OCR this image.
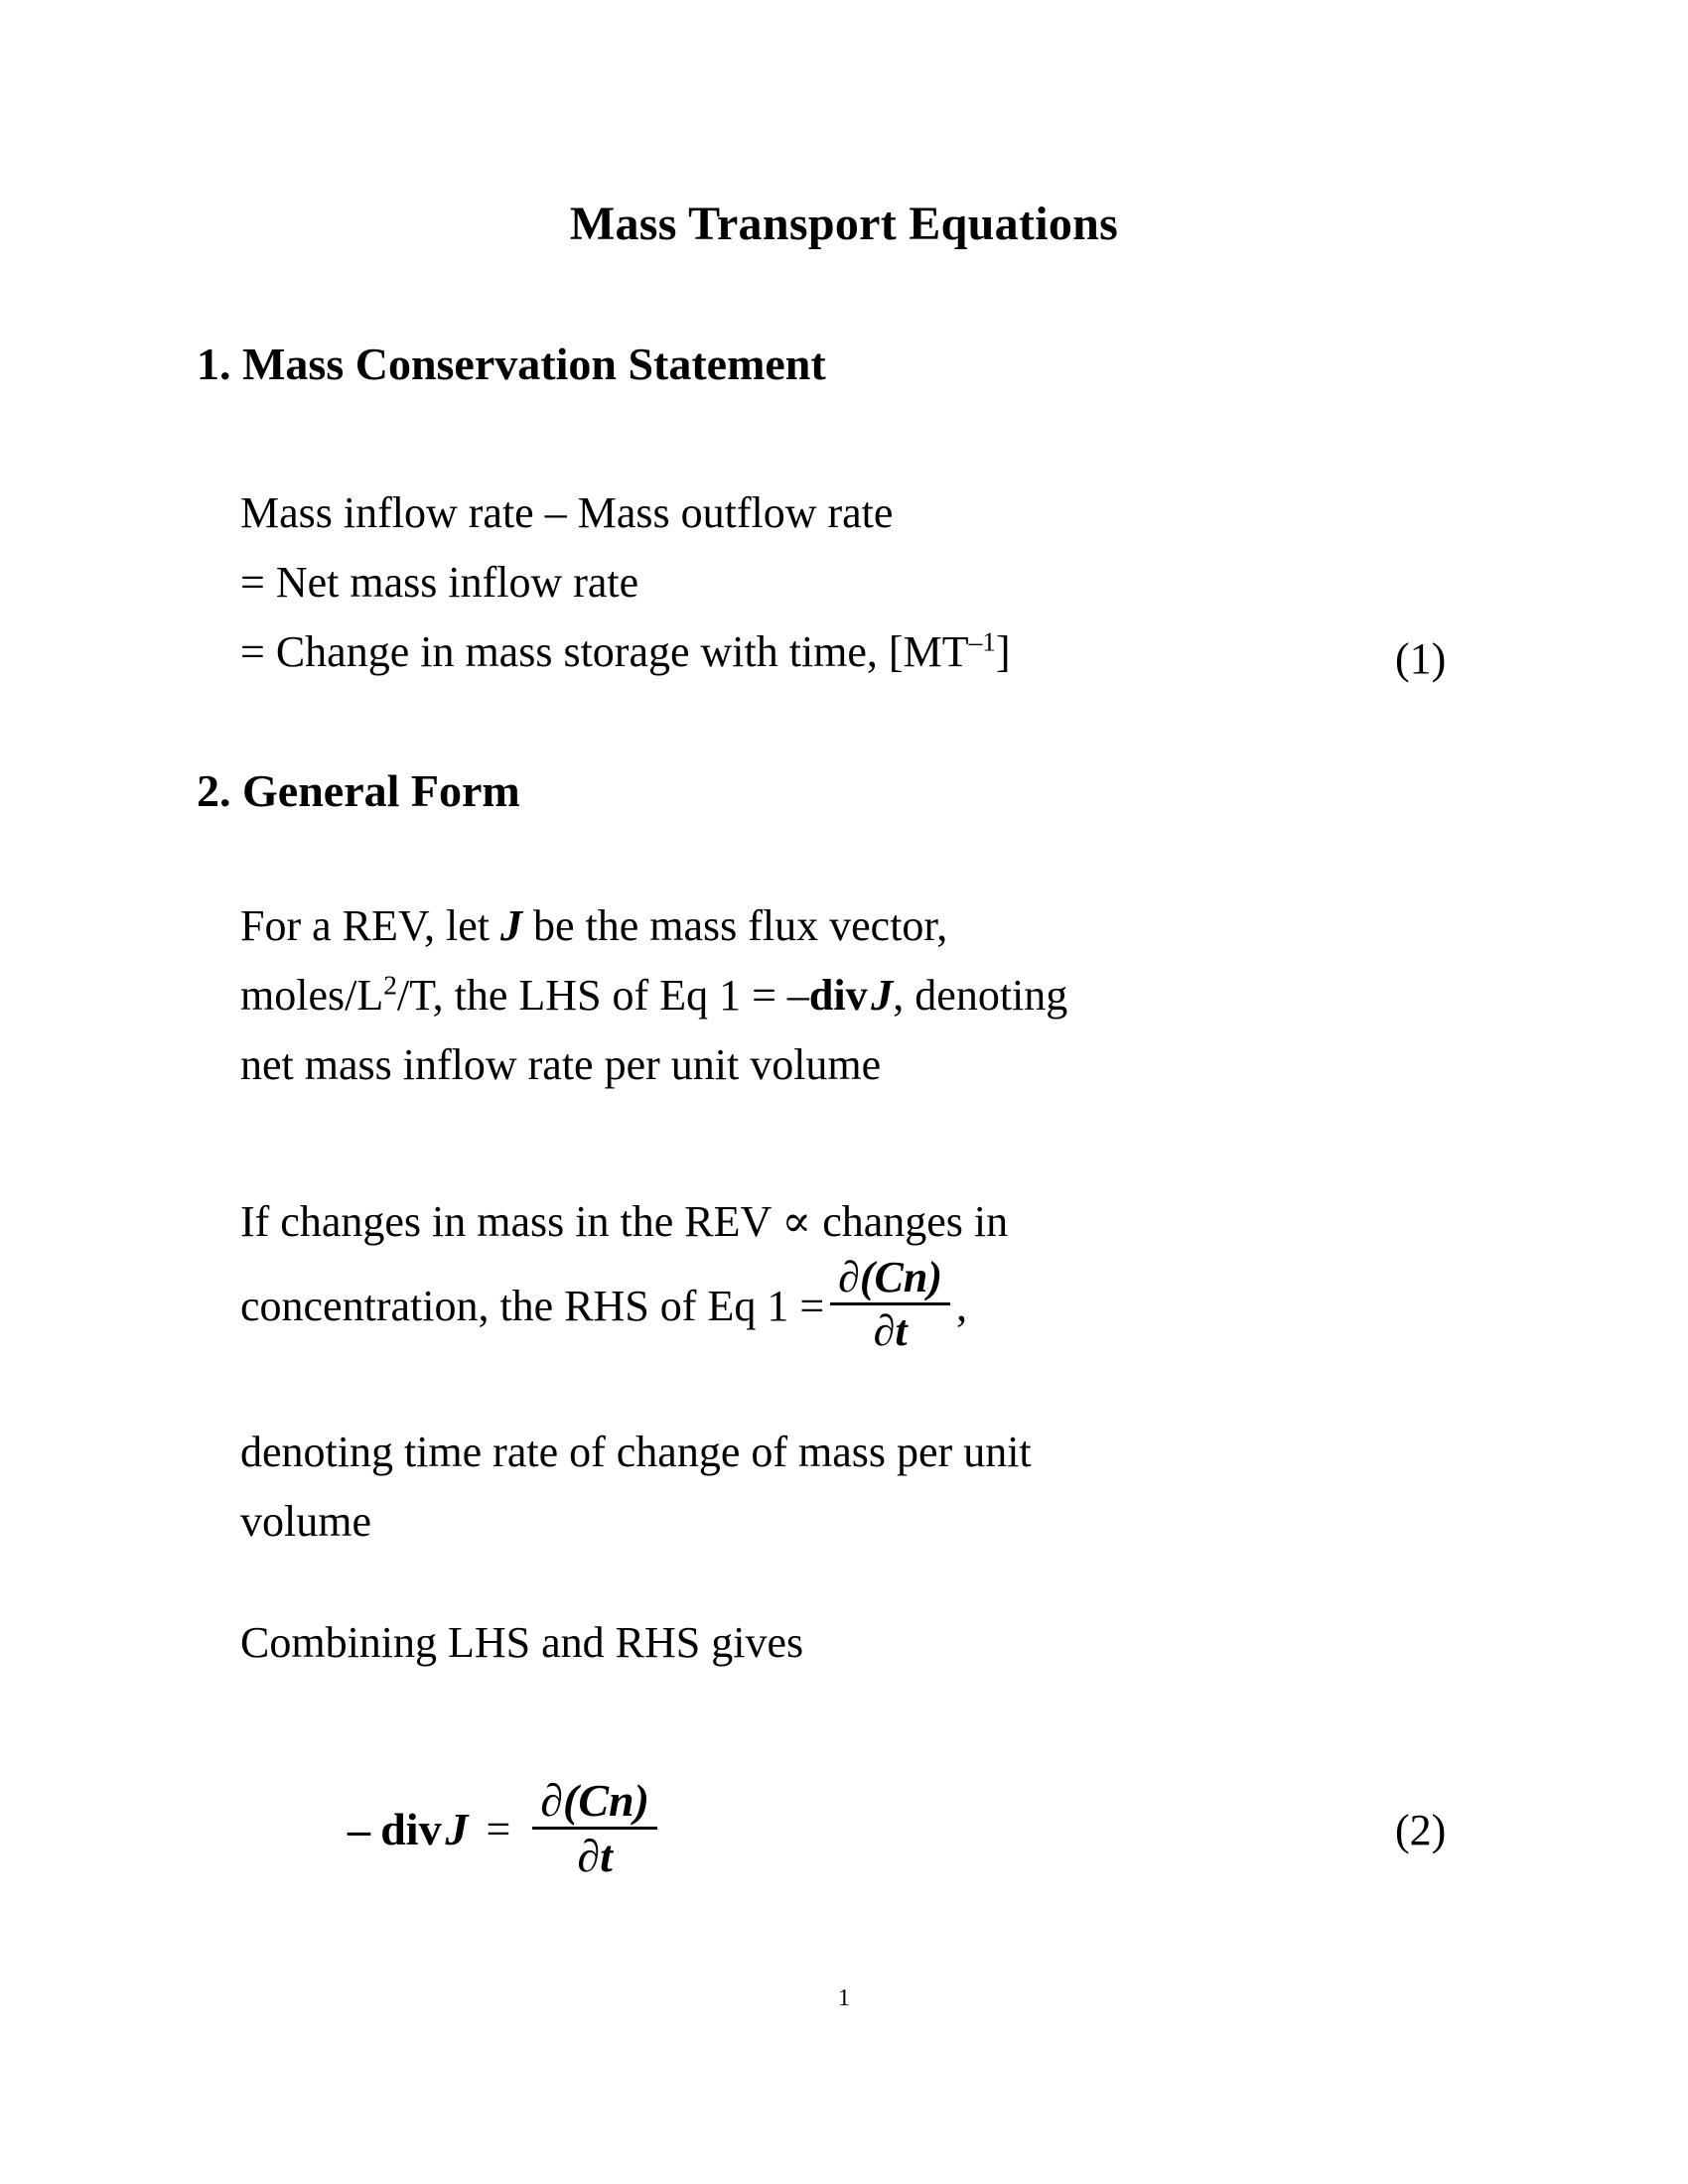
Mass Transport Equations
1. Mass Conservation Statement
Mass inflow rate – Mass outflow rate
= Net mass inflow rate
= Change in mass storage with time, $[MT^{-1}]$	(1)
2. General Form
For a REV, let J be the mass flux vector,
moles/$L^2/T$, the LHS of Eq 1 = –div J, denoting
net mass inflow rate per unit volume
If changes in mass in the REV ∝ changes in
concentration, the RHS of Eq $1 = \frac{\partial(Cn)}{\partial t}$ ,
denoting time rate of change of mass per unit
volume
Combining LHS and RHS gives
–  div $J = \frac{\partial(Cn)}{\partial t}$	(2)
1
